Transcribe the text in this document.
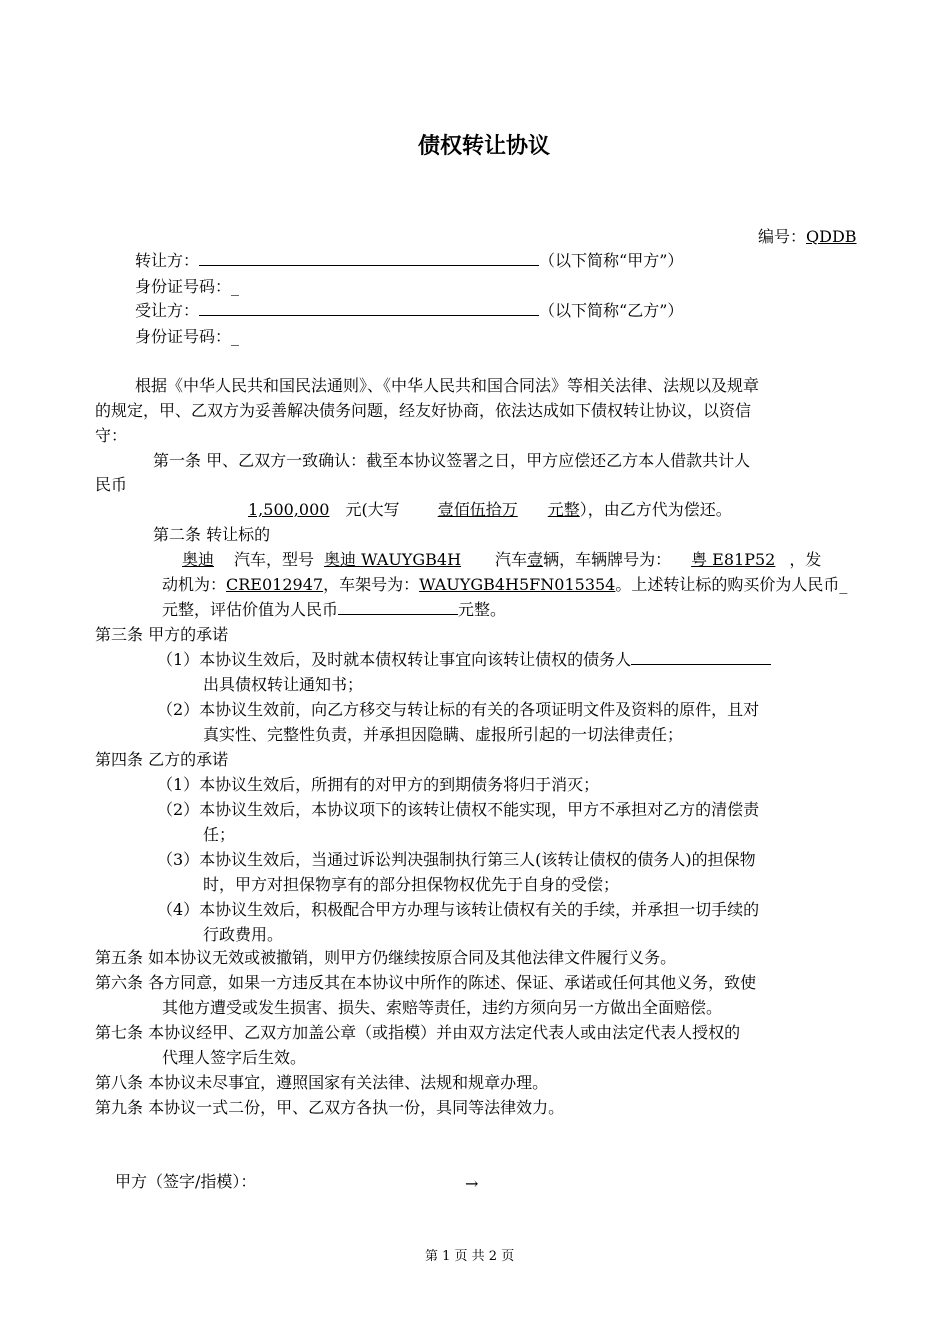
债权转让协议
编号：QDDB
转让方：	（以下简称“甲方”）
身份证号码：_
受让方：	（以下简称“乙方”）
身份证号码：_
根据《中华人民共和国民法通则》、《中华人民共和国合同法》等相关法律、法规以及规章
的规定，甲、乙双方为妥善解决债务问题，经友好协商，依法达成如下债权转让协议，以资信
守：
第一条 甲、乙双方一致确认：截至本协议签署之日，甲方应偿还乙方本人借款共计人
民币
1,500,000 元(大写 壹佰伍拾万 元整），由乙方代为偿还。
第二条 转让标的
奥迪 汽车，型号 奥迪 WAUYGB4H 汽车壹辆，车辆牌号为： 粤 E81P52 ，发
动机为：CRE012947，车架号为：WAUYGB4H5FN015354。上述转让标的购买价为人民币_
元整，评估价值为人民币	元整。
第三条 甲方的承诺
（1）本协议生效后，及时就本债权转让事宜向该转让债权的债务人
出具债权转让通知书；
（2）本协议生效前，向乙方移交与转让标的有关的各项证明文件及资料的原件，且对
真实性、完整性负责，并承担因隐瞒、虚报所引起的一切法律责任；
第四条 乙方的承诺
（1）本协议生效后，所拥有的对甲方的到期债务将归于消灭；
（2）本协议生效后，本协议项下的该转让债权不能实现，甲方不承担对乙方的清偿责
任；
（3）本协议生效后，当通过诉讼判决强制执行第三人(该转让债权的债务人)的担保物
时，甲方对担保物享有的部分担保物权优先于自身的受偿；
（4）本协议生效后，积极配合甲方办理与该转让债权有关的手续，并承担一切手续的
行政费用。
第五条 如本协议无效或被撤销，则甲方仍继续按原合同及其他法律文件履行义务。
第六条 各方同意，如果一方违反其在本协议中所作的陈述、保证、承诺或任何其他义务，致使
其他方遭受或发生损害、损失、索赔等责任，违约方须向另一方做出全面赔偿。
第七条 本协议经甲、乙双方加盖公章（或指模）并由双方法定代表人或由法定代表人授权的
代理人签字后生效。
第八条 本协议未尽事宜，遵照国家有关法律、法规和规章办理。
第九条 本协议一式二份，甲、乙双方各执一份，具同等法律效力。
甲方（签字/指模）：	→
第 1 页 共 2 页
